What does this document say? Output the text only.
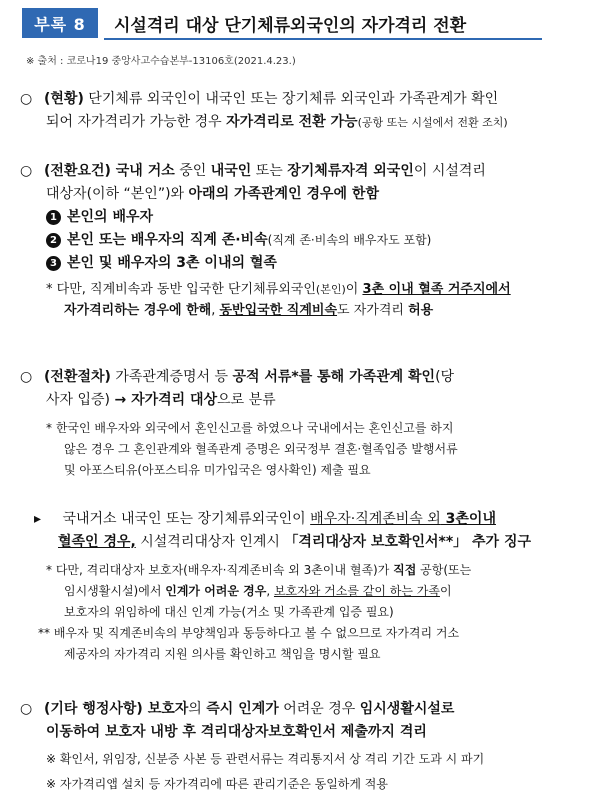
부록 8	시설격리 대상 단기체류외국인의 자가격리 전환
※ 출처 : 코로나19 중앙사고수습본부-13106호(2021.4.23.)
○ (현황) 단기체류 외국인이 내국인 또는 장기체류 외국인과 가족관계가 확인
되어 자가격리가 가능한 경우 자가격리로 전환 가능(공항 또는 시설에서 전환 조치)
○ (전환요건) 국내 거소 중인 내국인 또는 장기체류자격 외국인이 시설격리
대상자(이하 “본인”)와 아래의 가족관계인 경우에 한함
1 본인의 배우자
2 본인 또는 배우자의 직계 존·비속(직계 존·비속의 배우자도 포함)
3 본인 및 배우자의 3촌 이내의 혈족
* 다만, 직계비속과 동반 입국한 단기체류외국인(본인)이 3촌 이내 혈족 거주지에서
자가격리하는 경우에 한해, 동반입국한 직계비속도 자가격리 허용
○ (전환절차) 가족관계증명서 등 공적 서류*를 통해 가족관계 확인(당
사자 입증) → 자가격리 대상으로 분류
* 한국인 배우자와 외국에서 혼인신고를 하였으나 국내에서는 혼인신고를 하지
않은 경우 그 혼인관계와 혈족관계 증명은 외국정부 결혼·혈족입증 발행서류
및 아포스티유(아포스티유 미가입국은 영사확인) 제출 필요
▸ 국내거소 내국인 또는 장기체류외국인이 배우자·직계존비속 외 3촌이내
혈족인 경우, 시설격리대상자 인계시 「격리대상자 보호확인서**」 추가 징구
* 다만, 격리대상자 보호자(배우자·직계존비속 외 3촌이내 혈족)가 직접 공항(또는
임시생활시설)에서 인계가 어려운 경우, 보호자와 거소를 같이 하는 가족이
보호자의 위임하에 대신 인계 가능(거소 및 가족관계 입증 필요)
** 배우자 및 직계존비속의 부양책임과 동등하다고 볼 수 없으므로 자가격리 거소
제공자의 자가격리 지원 의사를 확인하고 책임을 명시할 필요
○ (기타 행정사항) 보호자의 즉시 인계가 어려운 경우 임시생활시설로
이동하여 보호자 내방 후 격리대상자보호확인서 제출까지 격리
※ 확인서, 위임장, 신분증 사본 등 관련서류는 격리통지서 상 격리 기간 도과 시 파기
※ 자가격리앱 설치 등 자가격리에 따른 관리기준은 동일하게 적용
